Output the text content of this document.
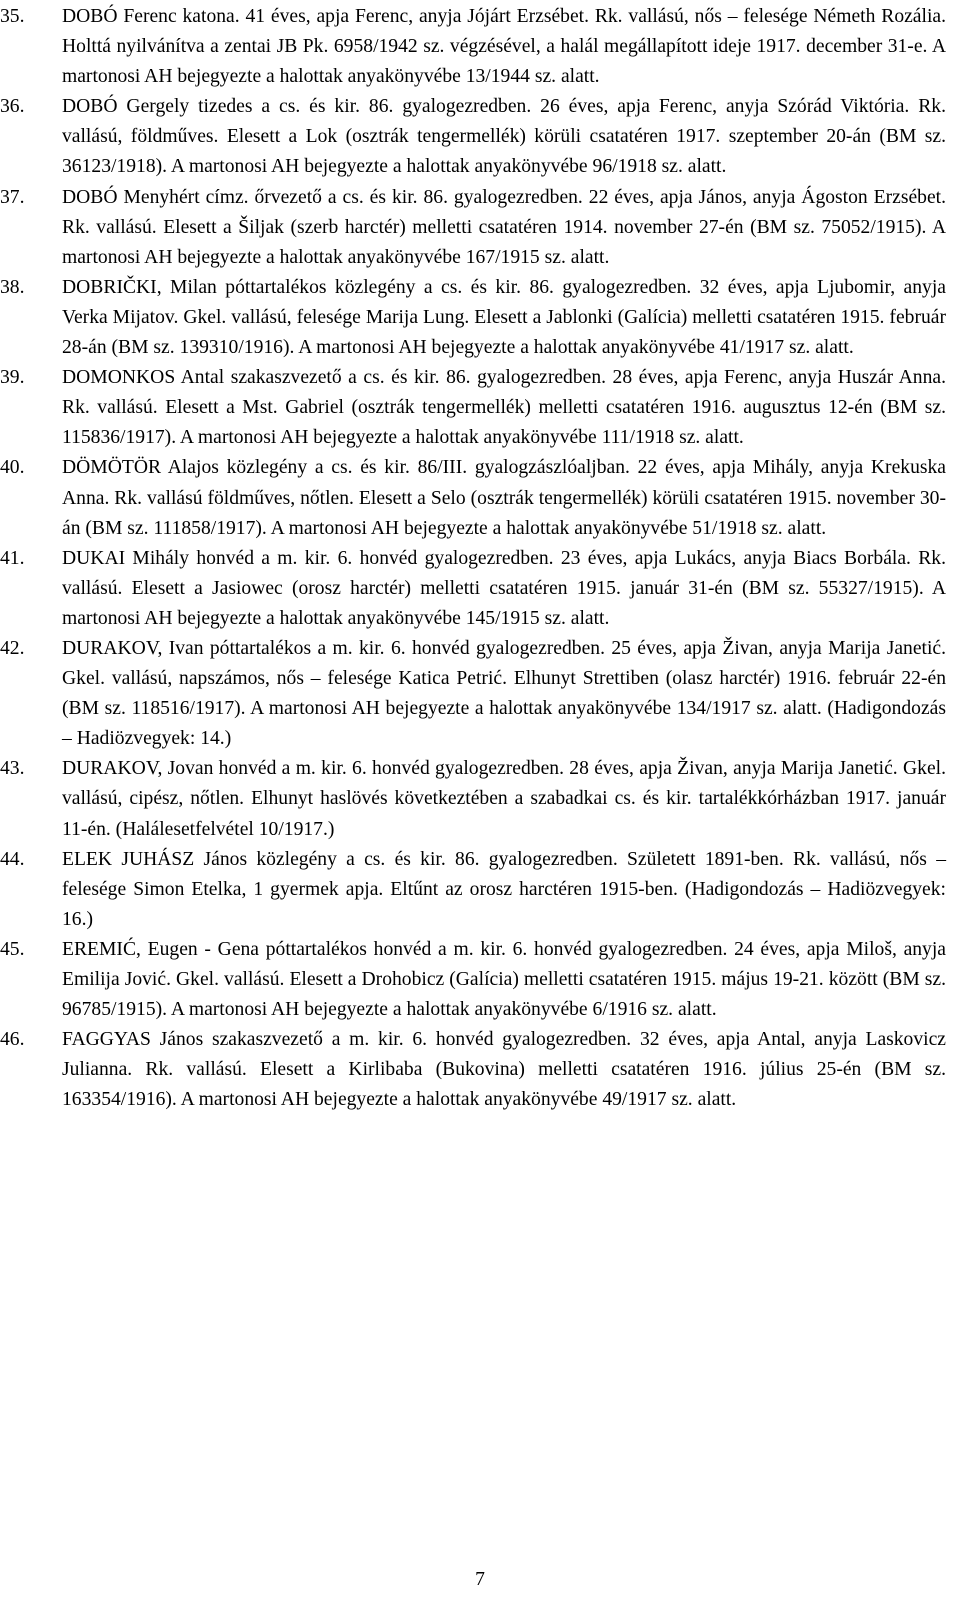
35.	DOBÓ Ferenc katona. 41 éves, apja Ferenc, anyja Jójárt Erzsébet. Rk. vallású, nős – felesége Németh Rozália. Holttá nyilvánítva a zentai JB Pk. 6958/1942 sz. végzésével, a halál megállapított ideje 1917. december 31-e. A martonosi AH bejegyezte a halottak anyakönyvébe 13/1944 sz. alatt.
36.	DOBÓ Gergely tizedes a cs. és kir. 86. gyalogezredben. 26 éves, apja Ferenc, anyja Szórád Viktória. Rk. vallású, földműves. Elesett a Lok (osztrák tengermellék) körüli csatatéren 1917. szeptember 20-án (BM sz. 36123/1918). A martonosi AH bejegyezte a halottak anyakönyvébe 96/1918 sz. alatt.
37.	DOBÓ Menyhért címz. őrvezető a cs. és kir. 86. gyalogezredben. 22 éves, apja János, anyja Ágoston Erzsébet. Rk. vallású. Elesett a Šiljak (szerb harctér) melletti csatatéren 1914. november 27-én (BM sz. 75052/1915). A martonosi AH bejegyezte a halottak anyakönyvébe 167/1915 sz. alatt.
38.	DOBRIČKI, Milan póttartalékos közlegény a cs. és kir. 86. gyalogezredben. 32 éves, apja Ljubomir, anyja Verka Mijatov. Gkel. vallású, felesége Marija Lung. Elesett a Jablonki (Galícia) melletti csatatéren 1915. február 28-án (BM sz. 139310/1916). A martonosi AH bejegyezte a halottak anyakönyvébe 41/1917 sz. alatt.
39.	DOMONKOS Antal szakaszvezető a cs. és kir. 86. gyalogezredben. 28 éves, apja Ferenc, anyja Huszár Anna. Rk. vallású. Elesett a Mst. Gabriel (osztrák tengermellék) melletti csatatéren 1916. augusztus 12-én (BM sz. 115836/1917). A martonosi AH bejegyezte a halottak anyakönyvébe 111/1918 sz. alatt.
40.	DÖMÖTÖR Alajos közlegény a cs. és kir. 86/III. gyalogzászlóaljban. 22 éves, apja Mihály, anyja Krekuska Anna. Rk. vallású földműves, nőtlen. Elesett a Selo (osztrák tengermellék) körüli csatatéren 1915. november 30-án (BM sz. 111858/1917). A martonosi AH bejegyezte a halottak anyakönyvébe 51/1918 sz. alatt.
41.	DUKAI Mihály honvéd a m. kir. 6. honvéd gyalogezredben. 23 éves, apja Lukács, anyja Biacs Borbála. Rk. vallású. Elesett a Jasiowec (orosz harctér) melletti csatatéren 1915. január 31-én (BM sz. 55327/1915). A martonosi AH bejegyezte a halottak anyakönyvébe 145/1915 sz. alatt.
42.	DURAKOV, Ivan póttartalékos a m. kir. 6. honvéd gyalogezredben. 25 éves, apja Živan, anyja Marija Janetić. Gkel. vallású, napszámos, nős – felesége Katica Petrić. Elhunyt Strettiben (olasz harctér) 1916. február 22-én (BM sz. 118516/1917). A martonosi AH bejegyezte a halottak anyakönyvébe 134/1917 sz. alatt. (Hadigondozás – Hadiözvegyek: 14.)
43.	DURAKOV, Jovan honvéd a m. kir. 6. honvéd gyalogezredben. 28 éves, apja Živan, anyja Marija Janetić. Gkel. vallású, cipész, nőtlen. Elhunyt haslövés következtében a szabadkai cs. és kir. tartalékkórházban 1917. január 11-én. (Halálesetfelvétel 10/1917.)
44.	ELEK JUHÁSZ János közlegény a cs. és kir. 86. gyalogezredben. Született 1891-ben. Rk. vallású, nős – felesége Simon Etelka, 1 gyermek apja. Eltűnt az orosz harctéren 1915-ben. (Hadigondozás – Hadiözvegyek: 16.)
45.	EREMIĆ, Eugen - Gena póttartalékos honvéd a m. kir. 6. honvéd gyalogezredben. 24 éves, apja Miloš, anyja Emilija Jović. Gkel. vallású. Elesett a Drohobicz (Galícia) melletti csatatéren 1915. május 19-21. között (BM sz. 96785/1915). A martonosi AH bejegyezte a halottak anyakönyvébe 6/1916 sz. alatt.
46.	FAGGYAS János szakaszvezető a m. kir. 6. honvéd gyalogezredben. 32 éves, apja Antal, anyja Laskovicz Julianna. Rk. vallású. Elesett a Kirlibaba (Bukovina) melletti csatatéren 1916. július 25-én (BM sz. 163354/1916). A martonosi AH bejegyezte a halottak anyakönyvébe 49/1917 sz. alatt.
7
